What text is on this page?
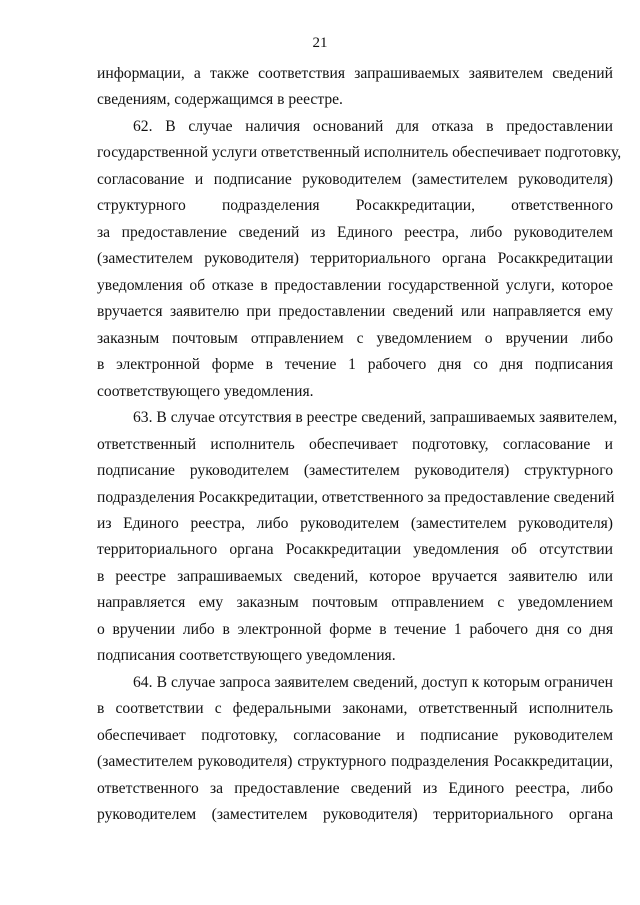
21
информации, а также соответствия запрашиваемых заявителем сведений
сведениям, содержащимся в реестре.
62. В случае наличия оснований для отказа в предоставлении
государственной услуги ответственный исполнитель обеспечивает подготовку,
согласование и подписание руководителем (заместителем руководителя)
структурного подразделения Росаккредитации, ответственного
за предоставление сведений из Единого реестра, либо руководителем
(заместителем руководителя) территориального органа Росаккредитации
уведомления об отказе в предоставлении государственной услуги, которое
вручается заявителю при предоставлении сведений или направляется ему
заказным почтовым отправлением с уведомлением о вручении либо
в электронной форме в течение 1 рабочего дня со дня подписания
соответствующего уведомления.
63. В случае отсутствия в реестре сведений, запрашиваемых заявителем,
ответственный исполнитель обеспечивает подготовку, согласование и
подписание руководителем (заместителем руководителя) структурного
подразделения Росаккредитации, ответственного за предоставление сведений
из Единого реестра, либо руководителем (заместителем руководителя)
территориального органа Росаккредитации уведомления об отсутствии
в реестре запрашиваемых сведений, которое вручается заявителю или
направляется ему заказным почтовым отправлением с уведомлением
о вручении либо в электронной форме в течение 1 рабочего дня со дня
подписания соответствующего уведомления.
64. В случае запроса заявителем сведений, доступ к которым ограничен
в соответствии с федеральными законами, ответственный исполнитель
обеспечивает подготовку, согласование и подписание руководителем
(заместителем руководителя) структурного подразделения Росаккредитации,
ответственного за предоставление сведений из Единого реестра, либо
руководителем (заместителем руководителя) территориального органа
